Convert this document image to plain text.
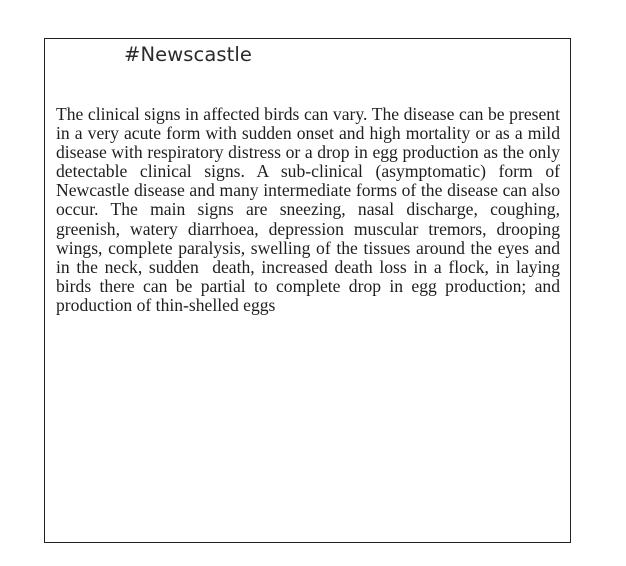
#Newscastle

The clinical signs in affected birds can vary. The disease can be present in a very acute form with sudden onset and high mortality or as a mild disease with respiratory distress or a drop in egg production as the only detectable clinical signs. A sub-clinical (asymptomatic) form of Newcastle disease and many intermediate forms of the disease can also occur. The main signs are sneezing, nasal discharge, coughing, greenish, watery diarrhoea, depression muscular tremors, drooping wings, complete paralysis, swelling of the tissues around the eyes and in the neck, sudden  death, increased death loss in a flock, in laying birds there can be partial to complete drop in egg production; and production of thin-shelled eggs
